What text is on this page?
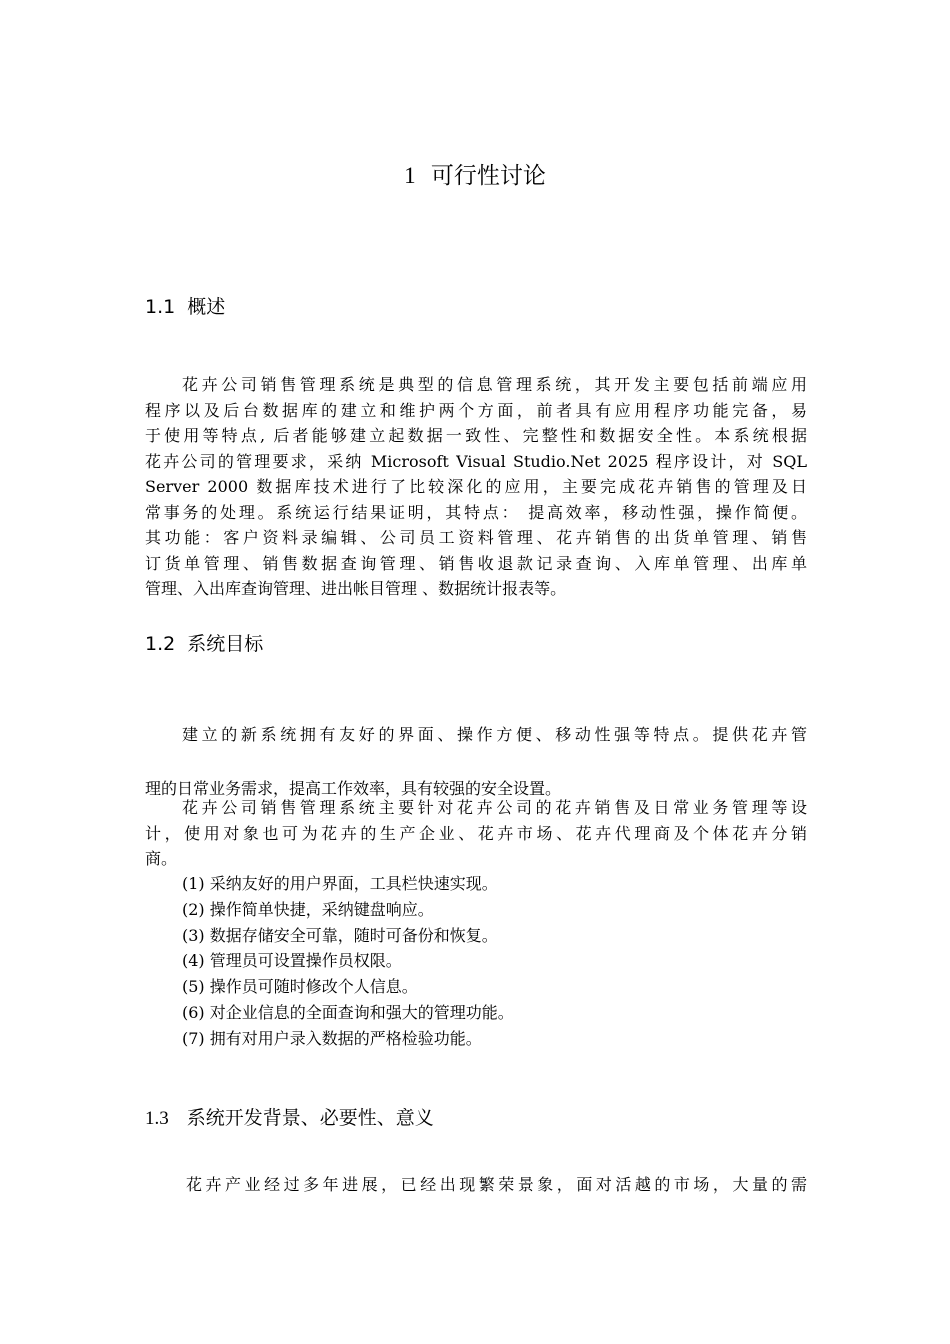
1 可行性讨论
1.1 概述
花卉公司销售管理系统是典型的信息管理系统，其开发主要包括前端应用
程序以及后台数据库的建立和维护两个方面，前者具有应用程序功能完备，易
于使用等特点, 后者能够建立起数据一致性、完整性和数据安全性。本系统根据
花卉公司的管理要求，采纳 Microsoft Visual Studio.Net 2025 程序设计，对 SQL
Server 2000 数据库技术进行了比较深化的应用，主要完成花卉销售的管理及日
常事务的处理。系统运行结果证明，其特点： 提高效率，移动性强，操作简便。
其功能：客户资料录编辑、公司员工资料管理、花卉销售的出货单管理、销售
订货单管理、销售数据查询管理、销售收退款记录查询、入库单管理、出库单
管理、入出库查询管理、进出帐目管理 、数据统计报表等。
1.2 系统目标
建立的新系统拥有友好的界面、操作方便、移动性强等特点。提供花卉管
理的日常业务需求，提高工作效率，具有较强的安全设置。
花卉公司销售管理系统主要针对花卉公司的花卉销售及日常业务管理等设
计，使用对象也可为花卉的生产企业、花卉市场、花卉代理商及个体花卉分销
商。
(1) 采纳友好的用户界面，工具栏快速实现。
(2) 操作简单快捷，采纳键盘响应。
(3) 数据存储安全可靠，随时可备份和恢复。
(4) 管理员可设置操作员权限。
(5) 操作员可随时修改个人信息。
(6) 对企业信息的全面查询和强大的管理功能。
(7) 拥有对用户录入数据的严格检验功能。
1.3 系统开发背景、必要性、意义
花卉产业经过多年进展，已经出现繁荣景象，面对活越的市场，大量的需
